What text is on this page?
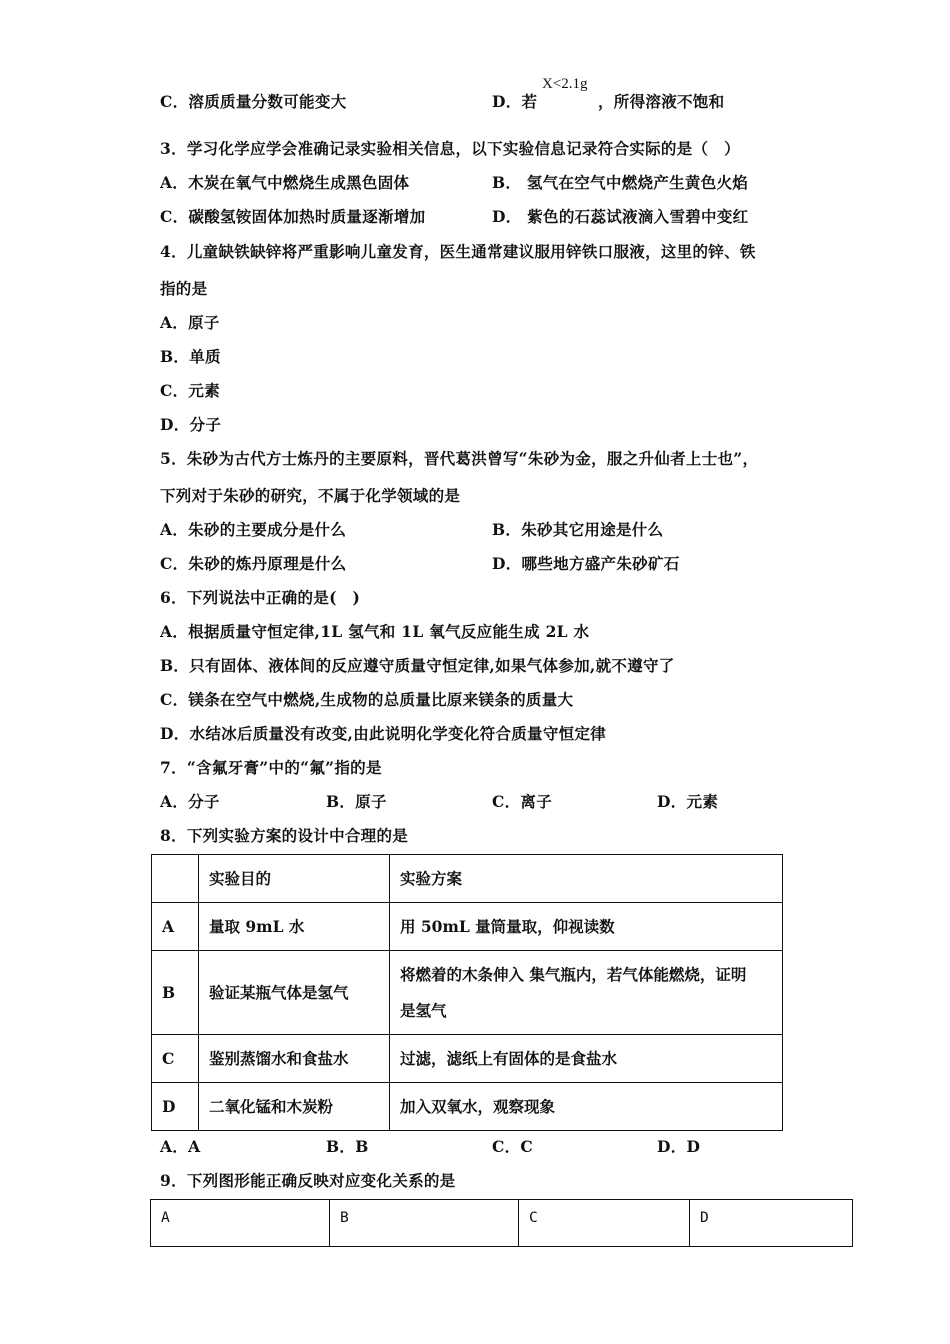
C．溶质质量分数可能变大	D．若
X<2.1g
，所得溶液不饱和
3．学习化学应学会准确记录实验相关信息，以下实验信息记录符合实际的是（　）
A．木炭在氧气中燃烧生成黑色固体	B． 氢气在空气中燃烧产生黄色火焰
C．碳酸氢铵固体加热时质量逐渐增加	D． 紫色的石蕊试液滴入雪碧中变红
4．儿童缺铁缺锌将严重影响儿童发育，医生通常建议服用锌铁口服液，这里的锌、铁
指的是
A．原子
B．单质
C．元素
D．分子
5．朱砂为古代方士炼丹的主要原料，晋代葛洪曾写“朱砂为金，服之升仙者上士也”，
下列对于朱砂的研究，不属于化学领域的是
A．朱砂的主要成分是什么	B．朱砂其它用途是什么
C．朱砂的炼丹原理是什么	D．哪些地方盛产朱砂矿石
6．下列说法中正确的是(　)
A．根据质量守恒定律,1L 氢气和 1L 氧气反应能生成 2L 水
B．只有固体、液体间的反应遵守质量守恒定律,如果气体参加,就不遵守了
C．镁条在空气中燃烧,生成物的总质量比原来镁条的质量大
D．水结冰后质量没有改变,由此说明化学变化符合质量守恒定律
7．“含氟牙膏”中的“氟”指的是
A．分子	B．原子	C．离子	D．元素
8．下列实验方案的设计中合理的是
	实验目的	实验方案
A	量取 9mL 水	用 50mL 量筒量取，仰视读数
B	验证某瓶气体是氢气	将燃着的木条伸入 集气瓶内，若气体能燃烧，证明
是氢气

C	鉴别蒸馏水和食盐水	过滤，滤纸上有固体的是食盐水
D	二氧化锰和木炭粉	加入双氧水，观察现象
A．A	B．B	C．C	D．D
9．下列图形能正确反映对应变化关系的是
A	B	C	D
